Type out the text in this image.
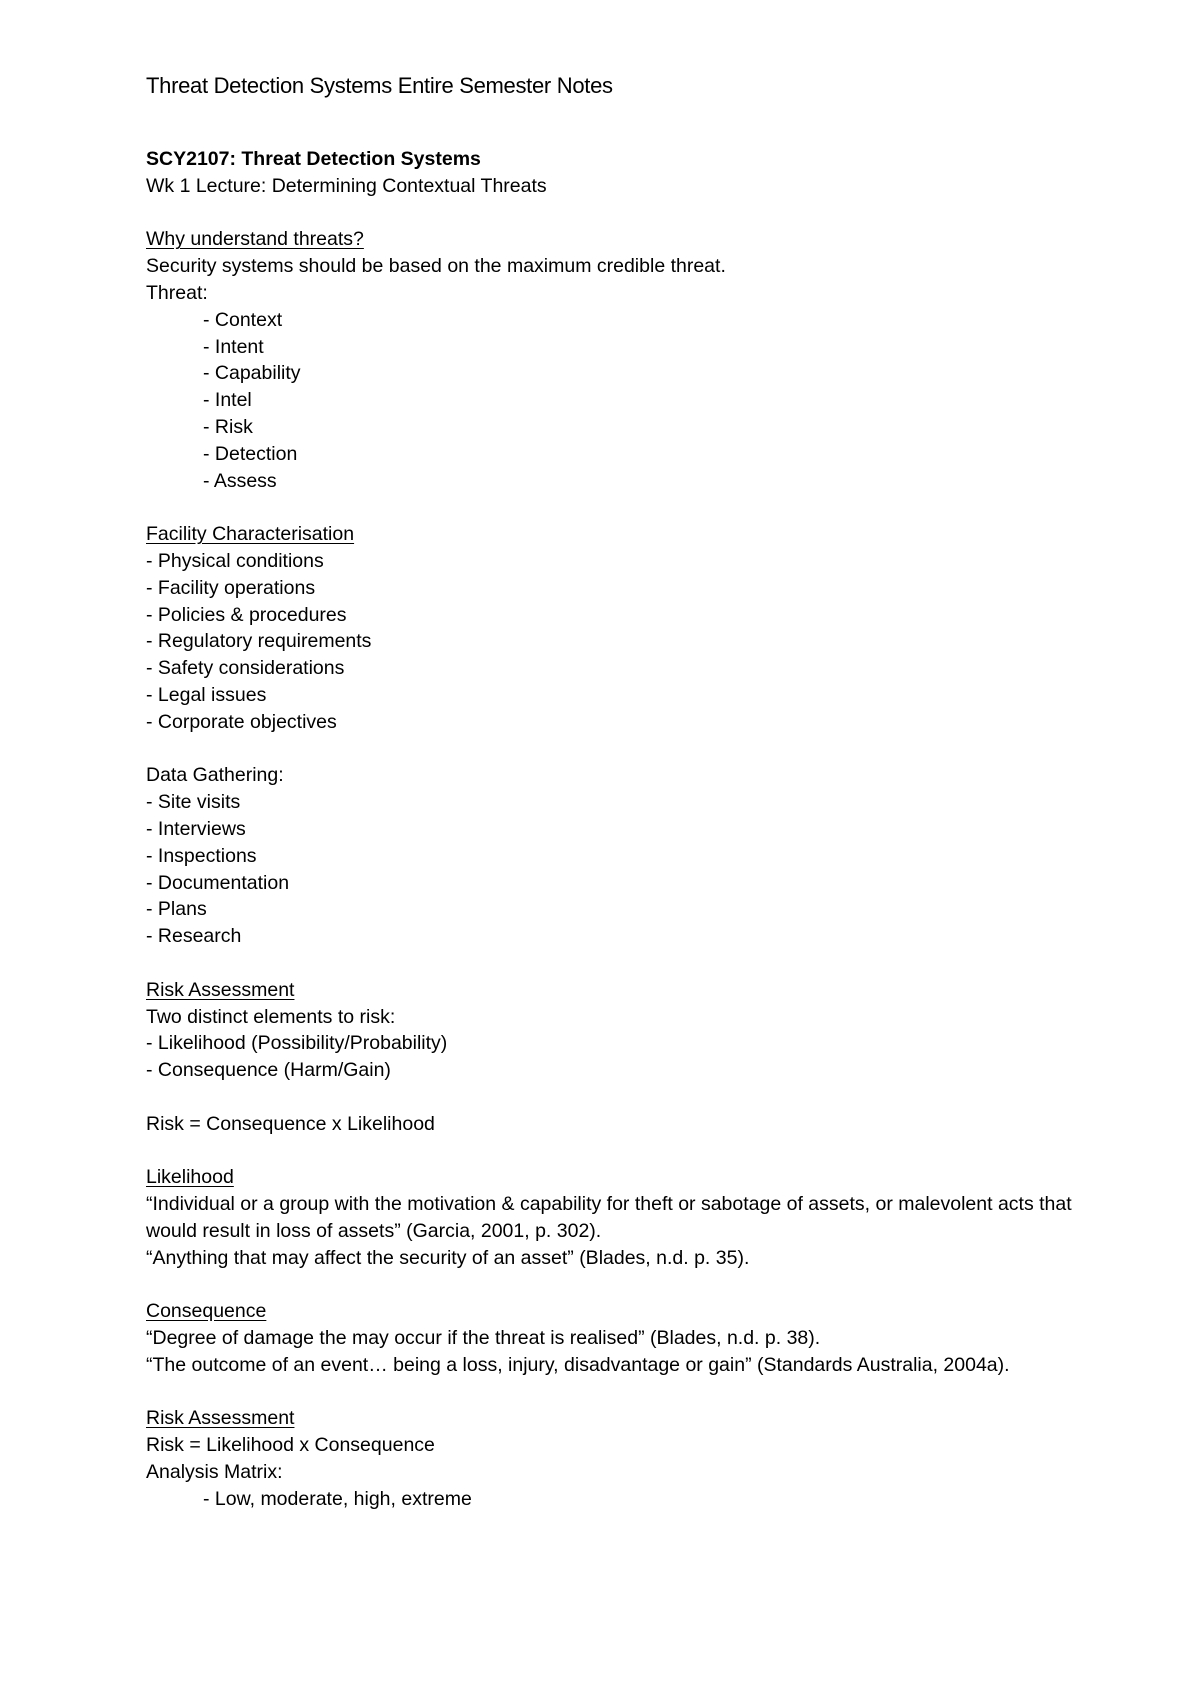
Threat Detection Systems Entire Semester Notes
SCY2107: Threat Detection Systems
Wk 1 Lecture: Determining Contextual Threats
Why understand threats?
Security systems should be based on the maximum credible threat.
Threat:
- Context
- Intent
- Capability
- Intel
- Risk
- Detection
- Assess
Facility Characterisation
- Physical conditions
- Facility operations
- Policies & procedures
- Regulatory requirements
- Safety considerations
- Legal issues
- Corporate objectives
Data Gathering:
- Site visits
- Interviews
- Inspections
- Documentation
- Plans
- Research
Risk Assessment
Two distinct elements to risk:
- Likelihood (Possibility/Probability)
- Consequence (Harm/Gain)
Risk = Consequence x Likelihood
Likelihood
“Individual or a group with the motivation & capability for theft or sabotage of assets, or malevolent acts that would result in loss of assets” (Garcia, 2001, p. 302).
“Anything that may affect the security of an asset” (Blades, n.d. p. 35).
Consequence
“Degree of damage the may occur if the threat is realised” (Blades, n.d. p. 38).
“The outcome of an event… being a loss, injury, disadvantage or gain” (Standards Australia, 2004a).
Risk Assessment
Risk = Likelihood x Consequence
Analysis Matrix:
- Low, moderate, high, extreme
